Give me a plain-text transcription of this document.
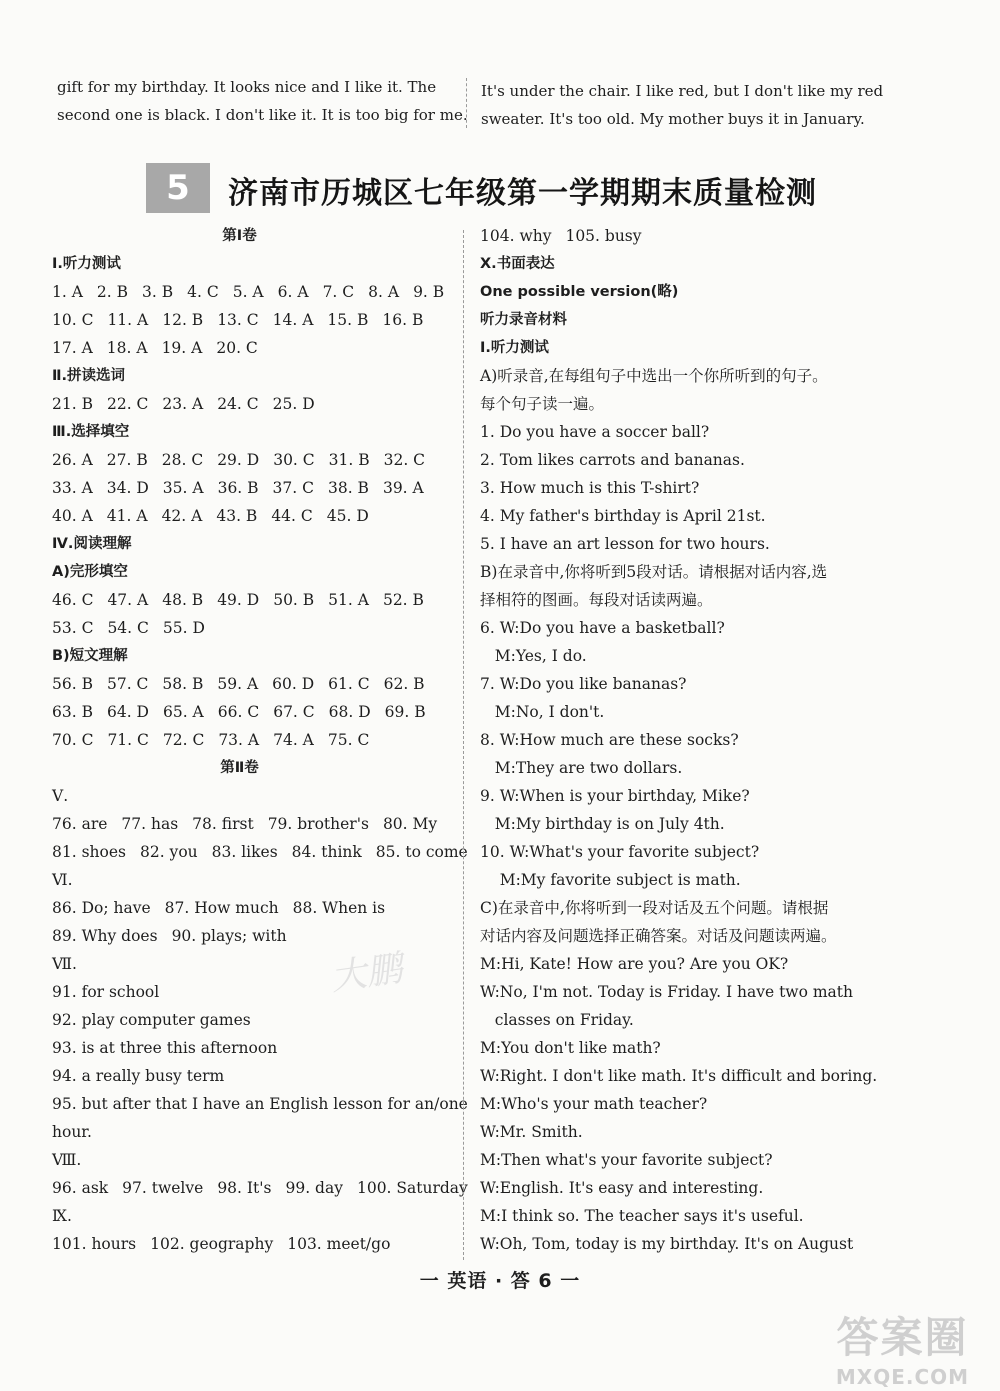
gift for my birthday. It looks nice and I like it. The
second one is black. I don't like it. It is too big for me.
It's under the chair. I like red, but I don't like my red
sweater. It's too old. My mother buys it in January.
5	济南市历城区七年级第一学期期末质量检测
第Ⅰ卷
Ⅰ.听力测试
1. A 2. B 3. B 4. C 5. A 6. A 7. C 8. A 9. B
10. C 11. A 12. B 13. C 14. A 15. B 16. B
17. A 18. A 19. A 20. C
Ⅱ.拼读选词
21. B 22. C 23. A 24. C 25. D
Ⅲ.选择填空
26. A 27. B 28. C 29. D 30. C 31. B 32. C
33. A 34. D 35. A 36. B 37. C 38. B 39. A
40. A 41. A 42. A 43. B 44. C 45. D
Ⅳ.阅读理解
A)完形填空
46. C 47. A 48. B 49. D 50. B 51. A 52. B
53. C 54. C 55. D
B)短文理解
56. B 57. C 58. B 59. A 60. D 61. C 62. B
63. B 64. D 65. A 66. C 67. C 68. D 69. B
70. C 71. C 72. C 73. A 74. A 75. C
第Ⅱ卷
Ⅴ.
76. are 77. has 78. first 79. brother's 80. My
81. shoes 82. you 83. likes 84. think 85. to come
Ⅵ.
86. Do; have 87. How much 88. When is
89. Why does 90. plays; with
Ⅶ.
91. for school
92. play computer games
93. is at three this afternoon
94. a really busy term
95. but after that I have an English lesson for an/one
hour.
Ⅷ.
96. ask 97. twelve 98. It's 99. day 100. Saturday
Ⅸ.
101. hours 102. geography 103. meet/go
104. why 105. busy
Ⅹ.书面表达
One possible version(略)
听力录音材料
Ⅰ.听力测试
A)听录音,在每组句子中选出一个你所听到的句子。
每个句子读一遍。
1. Do you have a soccer ball?
2. Tom likes carrots and bananas.
3. How much is this T-shirt?
4. My father's birthday is April 21st.
5. I have an art lesson for two hours.
B)在录音中,你将听到5段对话。请根据对话内容,选
择相符的图画。每段对话读两遍。
6. W:Do you have a basketball?
M:Yes, I do.
7. W:Do you like bananas?
M:No, I don't.
8. W:How much are these socks?
M:They are two dollars.
9. W:When is your birthday, Mike?
M:My birthday is on July 4th.
10. W:What's your favorite subject?
M:My favorite subject is math.
C)在录音中,你将听到一段对话及五个问题。请根据
对话内容及问题选择正确答案。对话及问题读两遍。
M:Hi, Kate! How are you? Are you OK?
W:No, I'm not. Today is Friday. I have two math
classes on Friday.
M:You don't like math?
W:Right. I don't like math. It's difficult and boring.
M:Who's your math teacher?
W:Mr. Smith.
M:Then what's your favorite subject?
W:English. It's easy and interesting.
M:I think so. The teacher says it's useful.
W:Oh, Tom, today is my birthday. It's on August
一 英语 · 答 6 一
大鹏
答案圈
MXQE.COM
